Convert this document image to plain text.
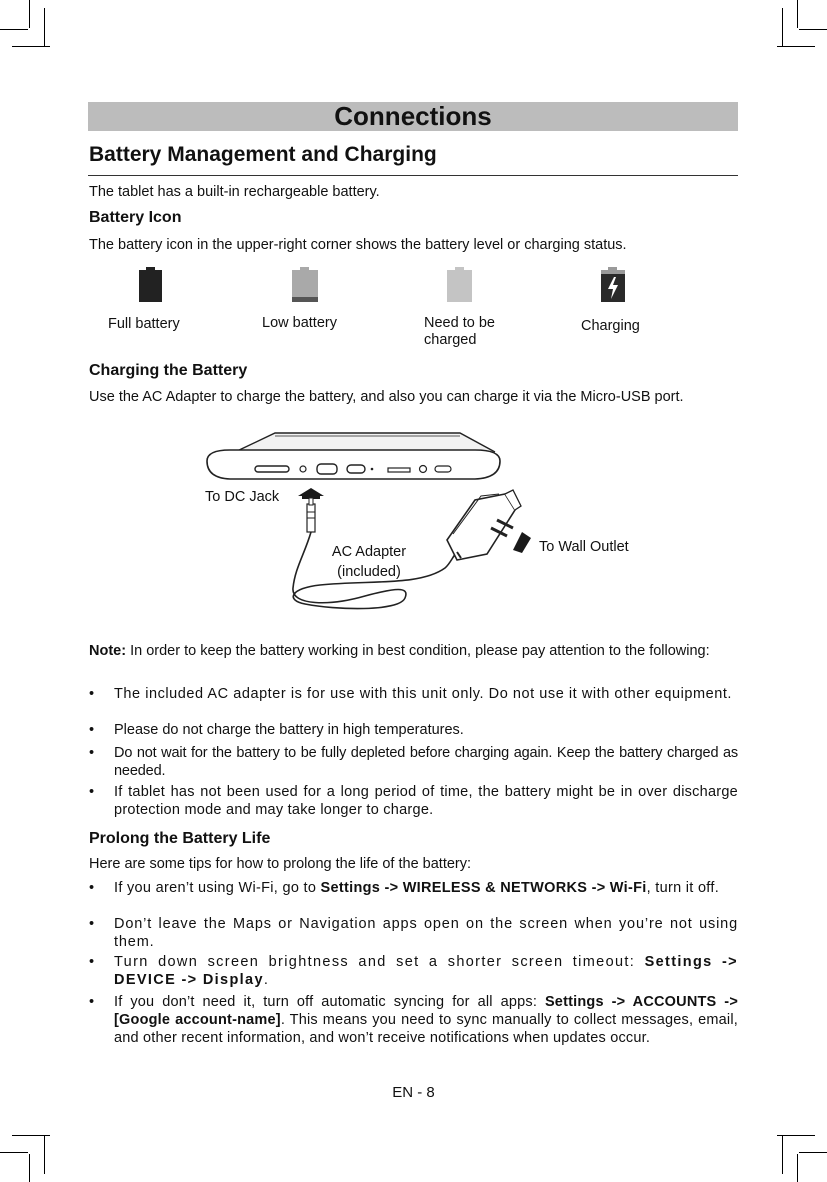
Connections
Battery Management and Charging
The tablet has a built-in rechargeable battery.
Battery Icon
The battery icon in the upper-right corner shows the battery level or charging status.
Full battery	Low battery	Need to be
charged
Charging
Charging the Battery
Use the AC Adapter to charge the battery, and also you can charge it via the Micro-USB port.
To DC Jack
AC Adapter
(included)
To Wall Outlet
Note: In order to keep the battery working in best condition, please pay attention to the following:
• The included AC adapter is for use with this unit only. Do not use it with other equipment.
• Please do not charge the battery in high temperatures.
• Do not wait for the battery to be fully depleted before charging again. Keep the battery charged as needed.
• If tablet has not been used for a long period of time, the battery might be in over discharge protection mode and may take longer to charge.
Prolong the Battery Life
Here are some tips for how to prolong the life of the battery:
• If you aren’t using Wi-Fi, go to Settings -> WIRELESS & NETWORKS -> Wi-Fi, turn it off.
• Don’t leave the Maps or Navigation apps open on the screen when you’re not using them.
• Turn down screen brightness and set a shorter screen timeout: Settings -> DEVICE -> Display.
• If you don’t need it, turn off automatic syncing for all apps: Settings -> ACCOUNTS ->[Google account-name]. This means you need to sync manually to collect messages, email, and other recent information, and won’t receive notifications when updates occur.
EN - 8
